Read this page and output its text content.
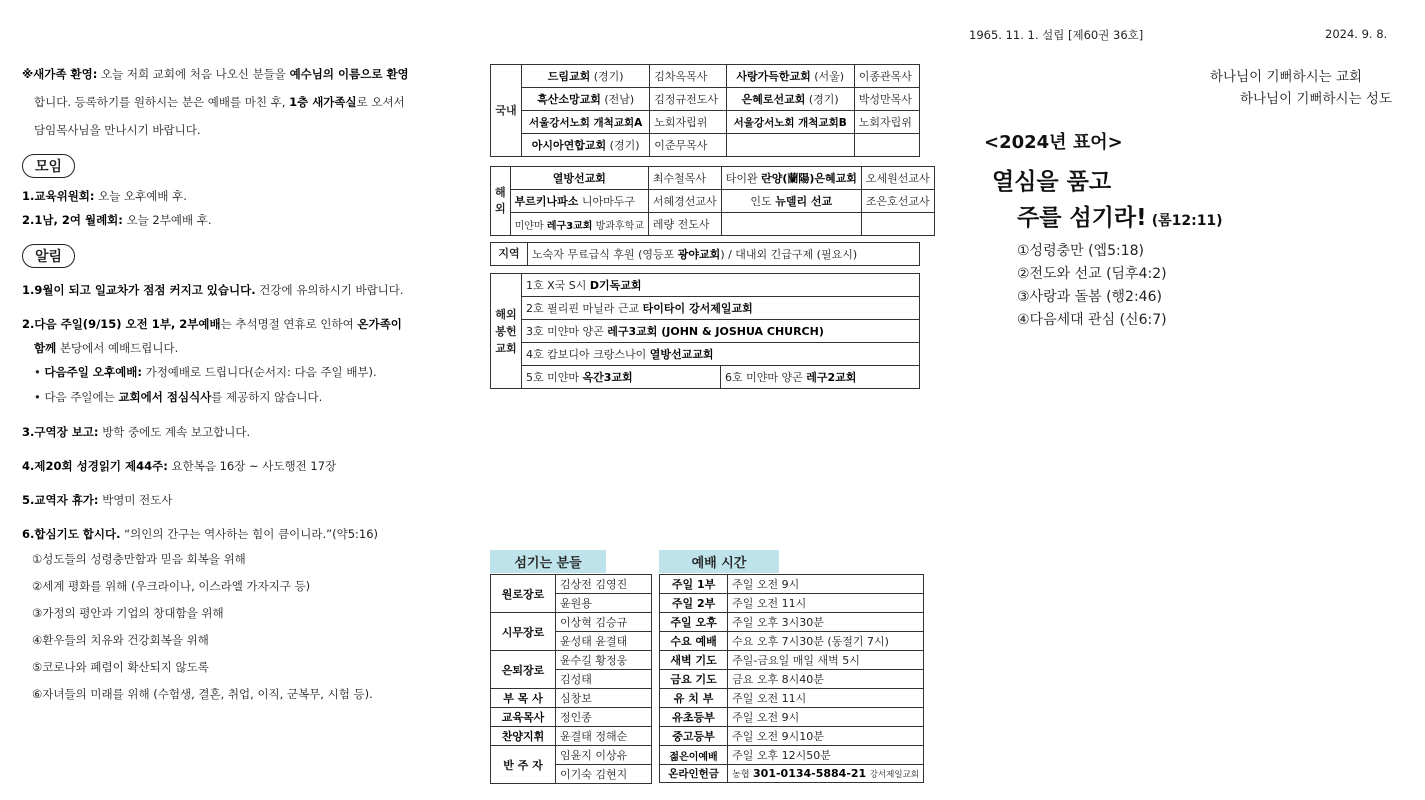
1965. 11. 1. 설립 [제60권 36호]	2024. 9. 8.
※새가족 환영: 오늘 저희 교회에 처음 나오신 분들을 예수님의 이름으로 환영
합니다. 등록하기를 원하시는 분은 예배를 마친 후, 1층 새가족실로 오셔서
담임목사님을 만나시기 바랍니다.
모임
1.교육위원회: 오늘 오후예배 후.
2.1남, 2여 월례회: 오늘 2부예배 후.
알림
1.9월이 되고 일교차가 점점 커지고 있습니다. 건강에 유의하시기 바랍니다.
2.다음 주일(9/15) 오전 1부, 2부예배는 추석명절 연휴로 인하여 온가족이
함께 본당에서 예배드립니다.
• 다음주일 오후예배: 가정예배로 드립니다(순서지: 다음 주일 배부).
• 다음 주일에는 교회에서 점심식사를 제공하지 않습니다.
3.구역장 보고: 방학 중에도 계속 보고합니다.
4.제20회 성경읽기 제44주: 요한복음 16장 ~ 사도행전 17장
5.교역자 휴가: 박영미 전도사
6.합심기도 합시다. “의인의 간구는 역사하는 힘이 큼이니라.”(약5:16)
①성도들의 성령충만함과 믿음 회복을 위해
②세계 평화를 위해 (우크라이나, 이스라엘 가자지구 등)
③가정의 평안과 기업의 창대함을 위해
④환우들의 치유와 건강회복을 위해
⑤코로나와 폐렴이 확산되지 않도록
⑥자녀들의 미래를 위해 (수험생, 결혼, 취업, 이직, 군복무, 시험 등).
국내	드림교회 (경기)	김차옥목사	사랑가득한교회 (서울)	이종관목사
	흑산소망교회 (전남)	김정규전도사	은혜로선교회 (경기)	박성만목사
	서울강서노회 개척교회A	노회자립위	서울강서노회 개척교회B	노회자립위
	아시아연합교회 (경기)	이준무목사		
해외	열방선교회	최수철목사	타이완 란양(蘭陽)은혜교회	오세원선교사
	부르키나파소 니아마두구	서혜경선교사	인도 뉴델리 선교	조은호선교사
	미얀마 레구3교회 방과후학교	레량 전도사		
지역	노숙자 무료급식 후원 (영등포 광야교회) / 대내외 긴급구제 (필요시)
해외봉헌교회	1호 X국 S시 D기독교회	
	2호 필리핀 마닐라 근교 타이타이 강서제일교회	
	3호 미얀마 양곤 레구3교회 (JOHN & JOSHUA CHURCH)	
	4호 캄보디아 크랑스나이 열방선교교회	
	5호 미얀마 옥간3교회	6호 미얀마 양곤 레구2교회
섬기는 분들
원로장로	김상전 김영진
	윤원용
시무장로	이상혁 김승규
	윤성태 윤결태
은퇴장로	윤수길 황정웅
	김성태
부 목 사	심창보
교육목사	정인종
찬양지휘	윤결태 정해순
반 주 자	임윤지 이상유
	이기숙 김현지
예배 시간
주일 1부	주일 오전 9시
주일 2부	주일 오전 11시
주일 오후	주일 오후 3시30분
수요 예배	수요 오후 7시30분 (동절기 7시)
새벽 기도	주일-금요일 매일 새벽 5시
금요 기도	금요 오후 8시40분
유 치 부	주일 오전 11시
유초등부	주일 오전 9시
중고등부	주일 오전 9시10분
젊은이예배	주일 오후 12시50분
온라인헌금	농협 301-0134-5884-21 강서제일교회
하나님이 기뻐하시는 교회
하나님이 기뻐하시는 성도
<2024년 표어>
열심을 품고
주를 섬기라! (롬12:11)
①성령충만 (엡5:18)
②전도와 선교 (딤후4:2)
③사랑과 돌봄 (행2:46)
④다음세대 관심 (신6:7)
